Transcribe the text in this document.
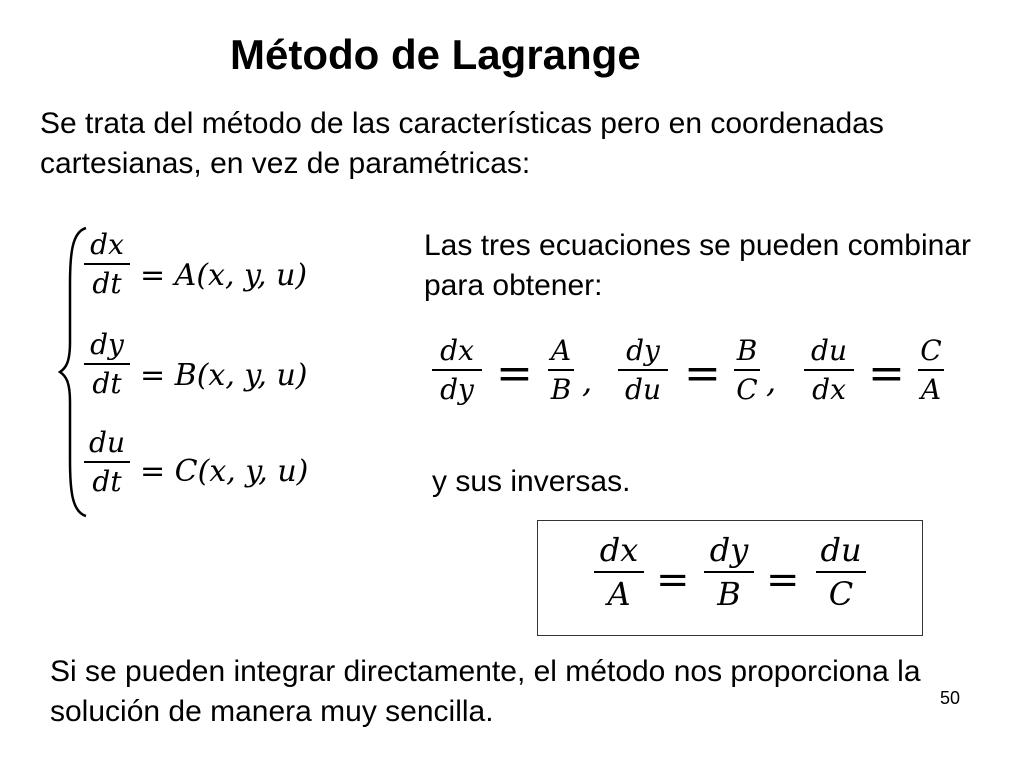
Método de Lagrange
Se trata del método de las características pero en coordenadas cartesianas, en vez de paramétricas:
dx
dt = A(x, y, u)
dy
dt = B(x, y, u)
du
dt = C(x, y, u)
Las tres ecuaciones se pueden combinar para obtener:
dx
dy = A
B ,
dy
du = B
C ,
du
dx = C
A
y sus inversas.
dx
A =
dy
B =
du
C
Si se pueden integrar directamente, el método nos proporciona la solución de manera muy sencilla.	50
